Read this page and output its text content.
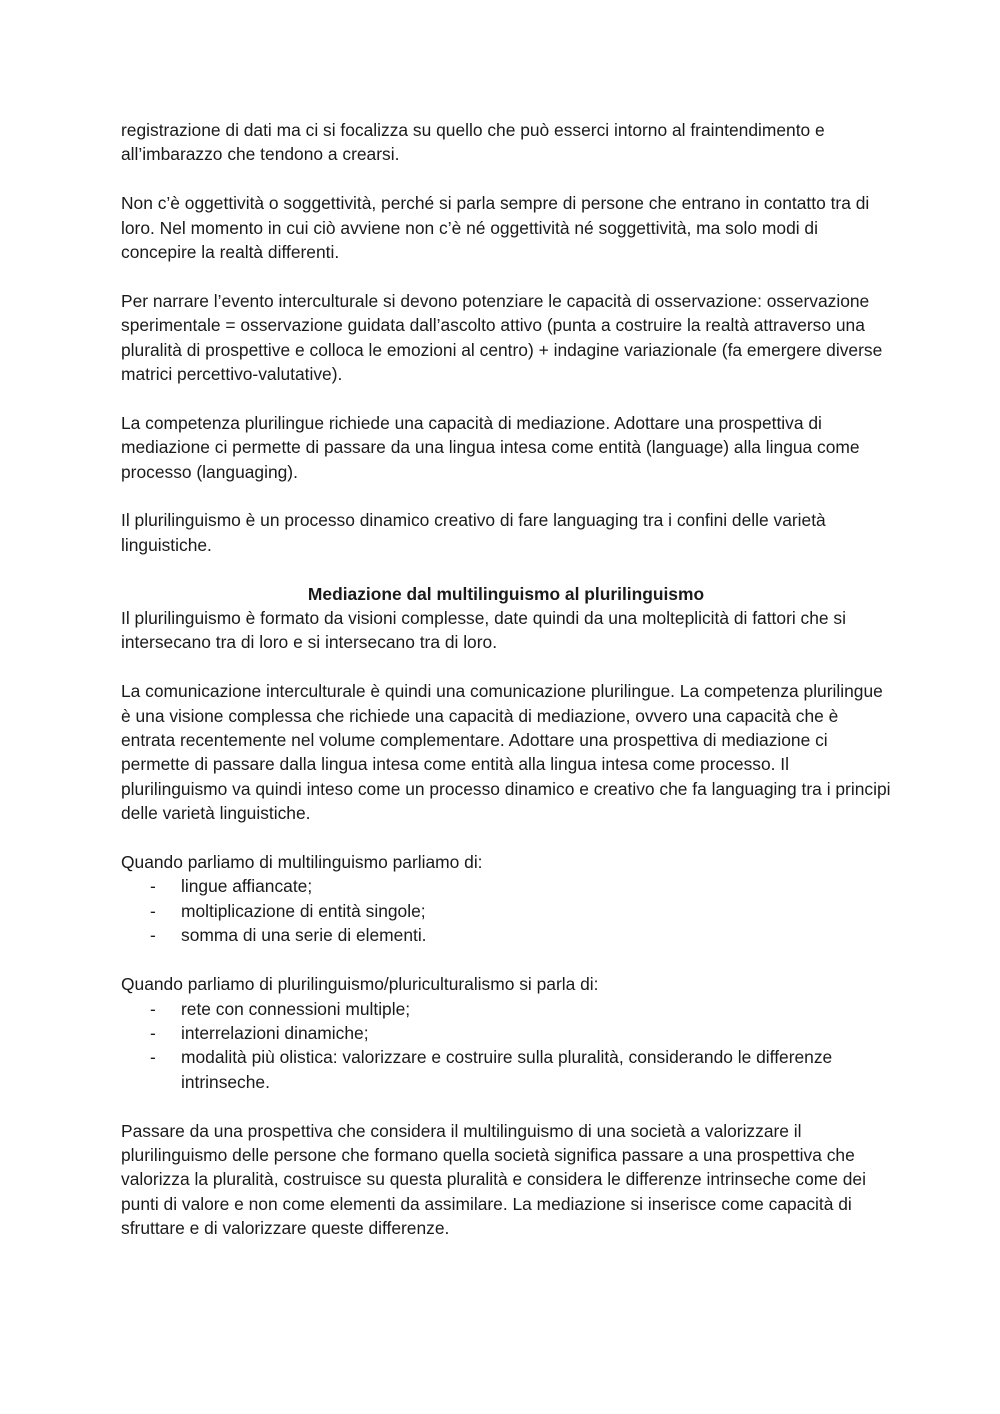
registrazione di dati ma ci si focalizza su quello che può esserci intorno al fraintendimento e all’imbarazzo che tendono a crearsi.

Non c’è oggettività o soggettività, perché si parla sempre di persone che entrano in contatto tra di loro. Nel momento in cui ciò avviene non c’è né oggettività né soggettività, ma solo modi di concepire la realtà differenti.

Per narrare l’evento interculturale si devono potenziare le capacità di osservazione: osservazione sperimentale = osservazione guidata dall’ascolto attivo (punta a costruire la realtà attraverso una pluralità di prospettive e colloca le emozioni al centro) + indagine variazionale (fa emergere diverse matrici percettivo-valutative).

La competenza plurilingue richiede una capacità di mediazione. Adottare una prospettiva di mediazione ci permette di passare da una lingua intesa come entità (language) alla lingua come processo (languaging).

Il plurilinguismo è un processo dinamico creativo di fare languaging tra i confini delle varietà linguistiche.

Mediazione dal multilinguismo al plurilinguismo

Il plurilinguismo è formato da visioni complesse, date quindi da una molteplicità di fattori che si intersecano tra di loro e si intersecano tra di loro.

La comunicazione interculturale è quindi una comunicazione plurilingue. La competenza plurilingue è una visione complessa che richiede una capacità di mediazione, ovvero una capacità che è entrata recentemente nel volume complementare. Adottare una prospettiva di mediazione ci permette di passare dalla lingua intesa come entità alla lingua intesa come processo. Il plurilinguismo va quindi inteso come un processo dinamico e creativo che fa languaging tra i principi delle varietà linguistiche.

Quando parliamo di multilinguismo parliamo di:

- lingue affiancate;
- moltiplicazione di entità singole;
- somma di una serie di elementi.

Quando parliamo di plurilinguismo/pluriculturalismo si parla di:

- rete con connessioni multiple;
- interrelazioni dinamiche;
- modalità più olistica: valorizzare e costruire sulla pluralità, considerando le differenze intrinseche.

Passare da una prospettiva che considera il multilinguismo di una società a valorizzare il plurilinguismo delle persone che formano quella società significa passare a una prospettiva che valorizza la pluralità, costruisce su questa pluralità e considera le differenze intrinseche come dei punti di valore e non come elementi da assimilare. La mediazione si inserisce come capacità di sfruttare e di valorizzare queste differenze.
